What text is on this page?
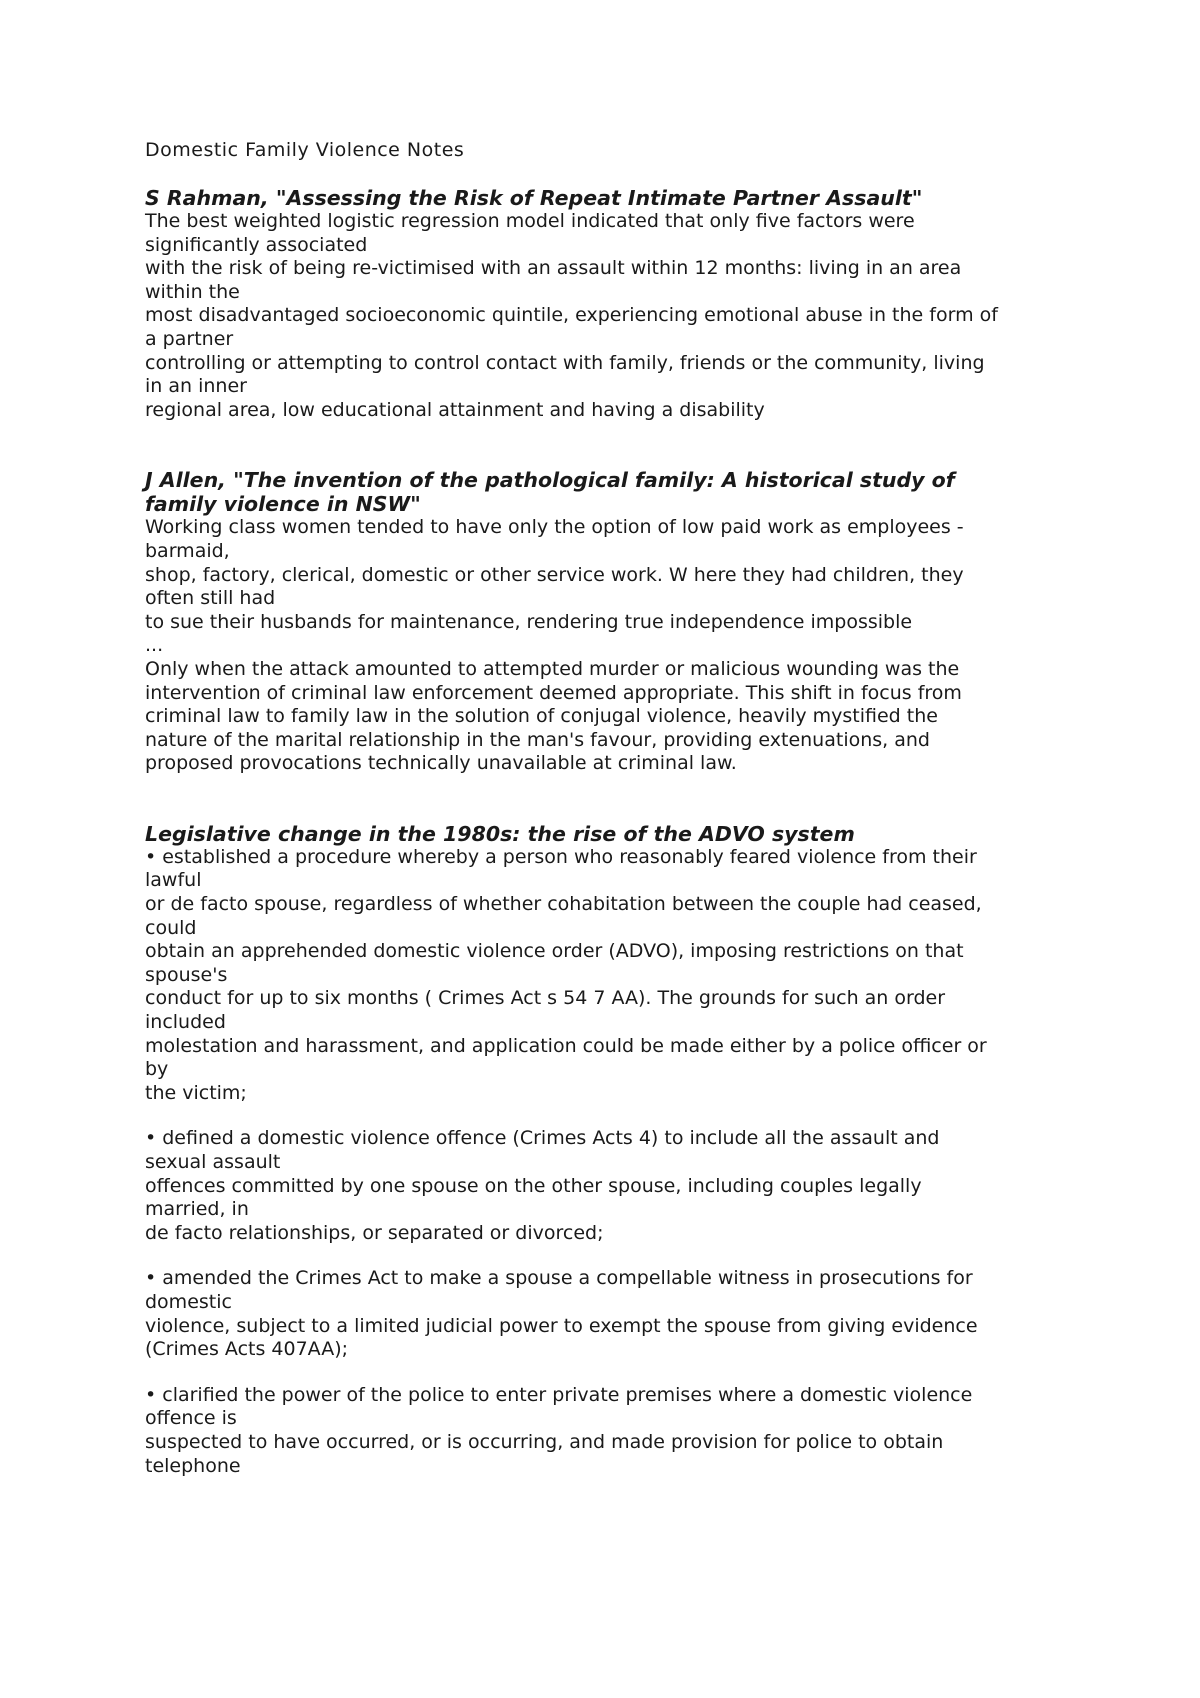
Domestic Family Violence Notes
S Rahman, "Assessing the Risk of Repeat Intimate Partner Assault"
The best weighted logistic regression model indicated that only five factors were
significantly associated
with the risk of being re-victimised with an assault within 12 months: living in an area
within the
most disadvantaged socioeconomic quintile, experiencing emotional abuse in the form of
a partner
controlling or attempting to control contact with family, friends or the community, living
in an inner
regional area, low educational attainment and having a disability
J Allen, "The invention of the pathological family: A historical study of
family violence in NSW"
Working class women tended to have only the option of low paid work as employees -
barmaid,
shop, factory, clerical, domestic or other service work. W here they had children, they
often still had
to sue their husbands for maintenance, rendering true independence impossible
...
Only when the attack amounted to attempted murder or malicious wounding was the
intervention of criminal law enforcement deemed appropriate. This shift in focus from
criminal law to family law in the solution of conjugal violence, heavily mystified the
nature of the marital relationship in the man's favour, providing extenuations, and
proposed provocations technically unavailable at criminal law.
Legislative change in the 1980s: the rise of the ADVO system
• established a procedure whereby a person who reasonably feared violence from their
lawful
or de facto spouse, regardless of whether cohabitation between the couple had ceased,
could
obtain an apprehended domestic violence order (ADVO), imposing restrictions on that
spouse's
conduct for up to six months ( Crimes Act s 54 7 AA). The grounds for such an order
included
molestation and harassment, and application could be made either by a police officer or
by
the victim;
• defined a domestic violence offence (Crimes Acts 4) to include all the assault and
sexual assault
offences committed by one spouse on the other spouse, including couples legally
married, in
de facto relationships, or separated or divorced;
• amended the Crimes Act to make a spouse a compellable witness in prosecutions for
domestic
violence, subject to a limited judicial power to exempt the spouse from giving evidence
(Crimes Acts 407AA);
• clarified the power of the police to enter private premises where a domestic violence
offence is
suspected to have occurred, or is occurring, and made provision for police to obtain
telephone
